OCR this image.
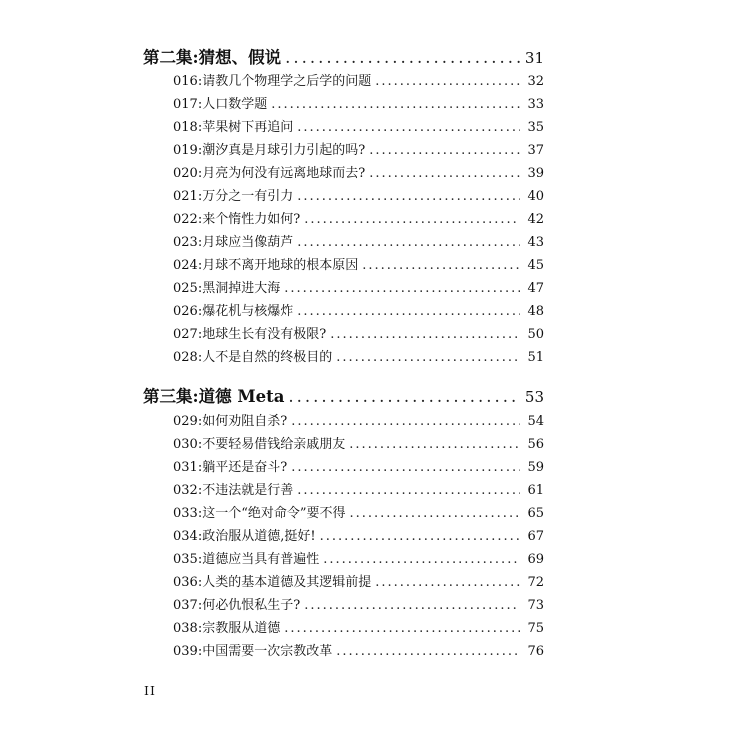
第二集: 猜想、假说 .....	31
016: 请教几个物理学之后学的问题 .....	32
017: 人口数学题 .....	33
018: 苹果树下再追问 .....	35
019: 潮汐真是月球引力引起的吗? .....	37
020: 月亮为何没有远离地球而去? .....	39
021: 万分之一有引力 .....	40
022: 来个惰性力如何? .....	42
023: 月球应当像葫芦 .....	43
024: 月球不离开地球的根本原因 .....	45
025: 黑洞掉进大海 .....	47
026: 爆花机与核爆炸 .....	48
027: 地球生长有没有极限? .....	50
028: 人不是自然的终极目的 .....	51
第三集: 道德 Meta .....	53
029: 如何劝阻自杀? .....	54
030: 不要轻易借钱给亲戚朋友 .....	56
031: 躺平还是奋斗? .....	59
032: 不违法就是行善 .....	61
033: 这一个“绝对命令”要不得 .....	65
034: 政治服从道德,挺好! .....	67
035: 道德应当具有普遍性 .....	69
036: 人类的基本道德及其逻辑前提 .....	72
037: 何必仇恨私生子? .....	73
038: 宗教服从道德 .....	75
039: 中国需要一次宗教改革 .....	76
II
